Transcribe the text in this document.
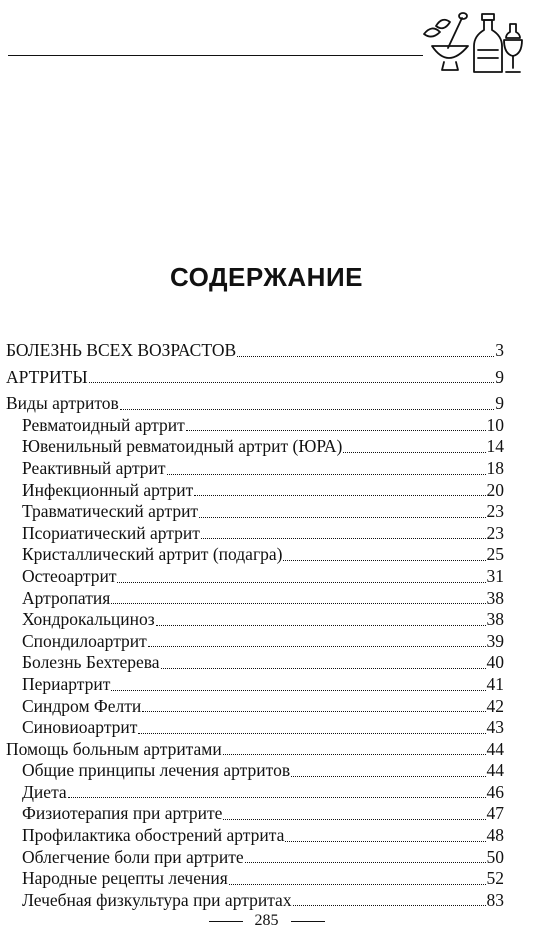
СОДЕРЖАНИЕ
БОЛЕЗНЬ ВСЕХ ВОЗРАСТОВ	3
АРТРИТЫ	9
Виды артритов	9
Ревматоидный артрит	10
Ювенильный ревматоидный артрит (ЮРА)	14
Реактивный артрит	18
Инфекционный артрит	20
Травматический артрит	23
Псориатический артрит	23
Кристаллический артрит (подагра)	25
Остеоартрит	31
Артропатия	38
Хондрокальциноз	38
Спондилоартрит	39
Болезнь Бехтерева	40
Периартрит	41
Синдром Фелти	42
Синовиоартрит	43
Помощь больным артритами	44
Общие принципы лечения артритов	44
Диета	46
Физиотерапия при артрите	47
Профилактика обострений артрита	48
Облегчение боли при артрите	50
Народные рецепты лечения	52
Лечебная физкультура при артритах	83
285
